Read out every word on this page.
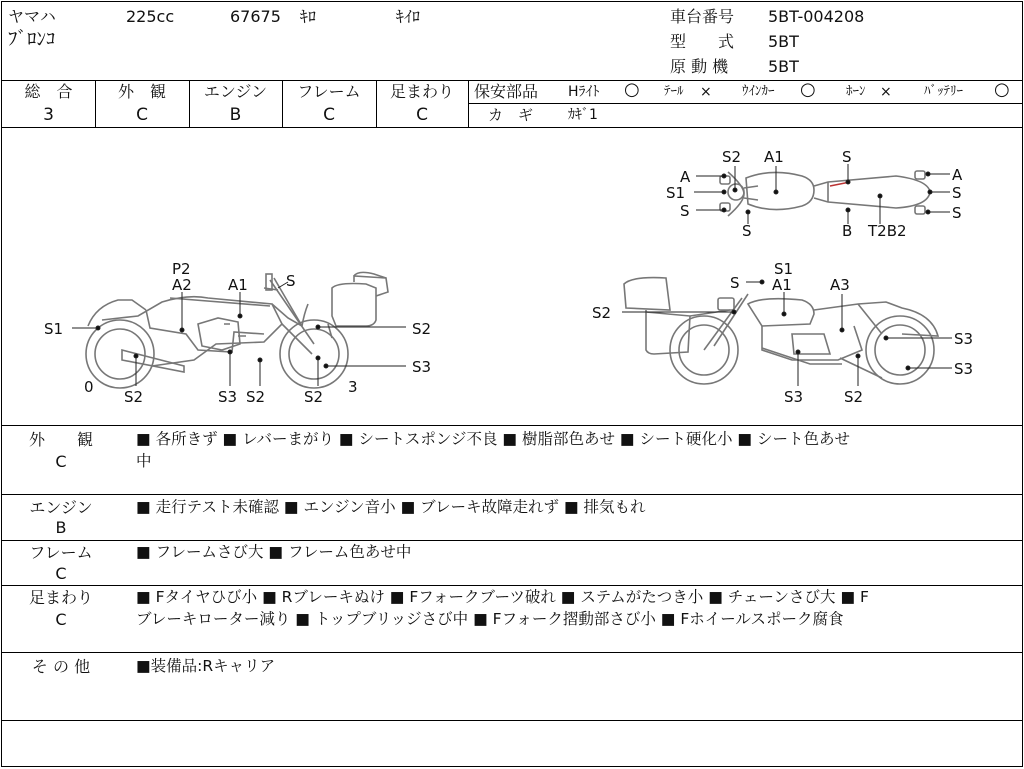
ヤマハ	225cc	67675 ｷﾛ	ｷｲﾛ
ﾌﾞﾛﾝｺ
車台番号 5BT-004208
型　　式 5BT
原 動 機 5BT
総　合
3
外　観
C
エンジン
B
フレーム
C
足まわり
C
保安部品 Hﾗｲﾄ ○ ﾃｰﾙ × ｳｲﾝｶｰ ○ ﾎｰﾝ × ﾊﾞｯﾃﾘｰ ○
カ　ギ ｶｷﾞ1
A
S1
S
S2 A1
S
S
A
S
S
B T2B2
P2
A2 A1	S
S1	S2
S3
0
S2	S3 S2	S2
3
S
S1
A1	A3
S2
S3
S3
S3	S2
外　　観
C
■ 各所きず ■ レバーまがり ■ シートスポンジ不良 ■ 樹脂部色あせ ■ シート硬化小 ■ シート色あせ
中
エンジン
B
■ 走行テスト未確認 ■ エンジン音小 ■ ブレーキ故障走れず ■ 排気もれ
フレーム
C
■ フレームさび大 ■ フレーム色あせ中
足まわり
C
■ Fタイヤひび小 ■ Rブレーキぬけ ■ Fフォークブーツ破れ ■ ステムがたつき小 ■ チェーンさび大 ■ F
ブレーキローター減り ■ トップブリッジさび中 ■ Fフォーク摺動部さび小 ■ Fホイールスポーク腐食
そ の 他	■装備品:Rキャリア
